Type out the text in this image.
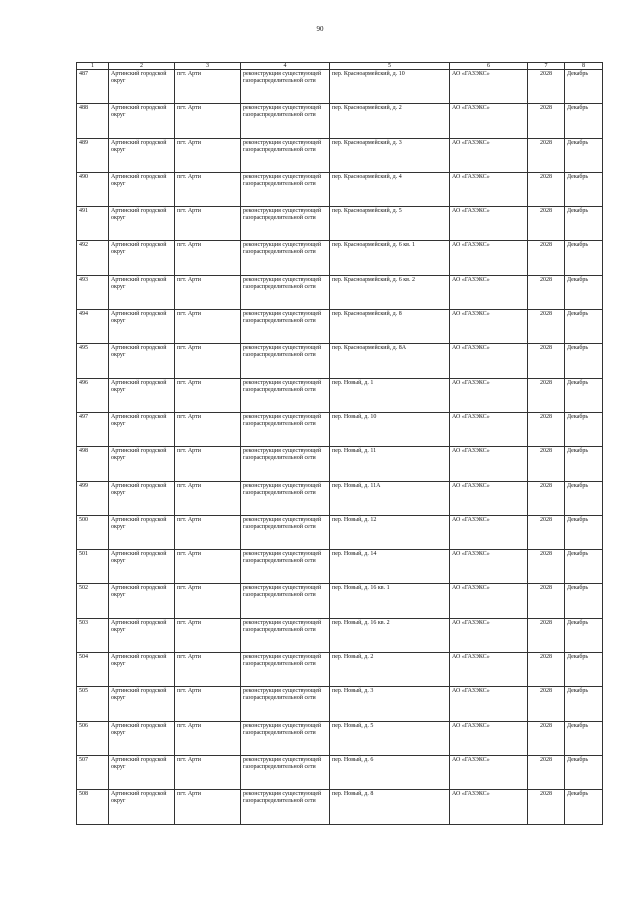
90
1	2	3	4	5	6	7	8
487	Артинский городской округ	пгт. Арти	реконструкция существующей газораспределительной сети	пер. Красноармейский, д. 10	АО «ГАЗЭКС»	2028	Декабрь
488	Артинский городской округ	пгт. Арти	реконструкция существующей газораспределительной сети	пер. Красноармейский, д. 2	АО «ГАЗЭКС»	2028	Декабрь
489	Артинский городской округ	пгт. Арти	реконструкция существующей газораспределительной сети	пер. Красноармейский, д. 3	АО «ГАЗЭКС»	2028	Декабрь
490	Артинский городской округ	пгт. Арти	реконструкция существующей газораспределительной сети	пер. Красноармейский, д. 4	АО «ГАЗЭКС»	2028	Декабрь
491	Артинский городской округ	пгт. Арти	реконструкция существующей газораспределительной сети	пер. Красноармейский, д. 5	АО «ГАЗЭКС»	2028	Декабрь
492	Артинский городской округ	пгт. Арти	реконструкция существующей газораспределительной сети	пер. Красноармейский, д. 6 кв. 1	АО «ГАЗЭКС»	2028	Декабрь
493	Артинский городской округ	пгт. Арти	реконструкция существующей газораспределительной сети	пер. Красноармейский, д. 6 кв. 2	АО «ГАЗЭКС»	2028	Декабрь
494	Артинский городской округ	пгт. Арти	реконструкция существующей газораспределительной сети	пер. Красноармейский, д. 8	АО «ГАЗЭКС»	2028	Декабрь
495	Артинский городской округ	пгт. Арти	реконструкция существующей газораспределительной сети	пер. Красноармейский, д. 8А	АО «ГАЗЭКС»	2028	Декабрь
496	Артинский городской округ	пгт. Арти	реконструкция существующей газораспределительной сети	пер. Новый, д. 1	АО «ГАЗЭКС»	2028	Декабрь
497	Артинский городской округ	пгт. Арти	реконструкция существующей газораспределительной сети	пер. Новый, д. 10	АО «ГАЗЭКС»	2028	Декабрь
498	Артинский городской округ	пгт. Арти	реконструкция существующей газораспределительной сети	пер. Новый, д. 11	АО «ГАЗЭКС»	2028	Декабрь
499	Артинский городской округ	пгт. Арти	реконструкция существующей газораспределительной сети	пер. Новый, д. 11А	АО «ГАЗЭКС»	2028	Декабрь
500	Артинский городской округ	пгт. Арти	реконструкция существующей газораспределительной сети	пер. Новый, д. 12	АО «ГАЗЭКС»	2028	Декабрь
501	Артинский городской округ	пгт. Арти	реконструкция существующей газораспределительной сети	пер. Новый, д. 14	АО «ГАЗЭКС»	2028	Декабрь
502	Артинский городской округ	пгт. Арти	реконструкция существующей газораспределительной сети	пер. Новый, д. 16 кв. 1	АО «ГАЗЭКС»	2028	Декабрь
503	Артинский городской округ	пгт. Арти	реконструкция существующей газораспределительной сети	пер. Новый, д. 16 кв. 2	АО «ГАЗЭКС»	2028	Декабрь
504	Артинский городской округ	пгт. Арти	реконструкция существующей газораспределительной сети	пер. Новый, д. 2	АО «ГАЗЭКС»	2028	Декабрь
505	Артинский городской округ	пгт. Арти	реконструкция существующей газораспределительной сети	пер. Новый, д. 3	АО «ГАЗЭКС»	2028	Декабрь
506	Артинский городской округ	пгт. Арти	реконструкция существующей газораспределительной сети	пер. Новый, д. 5	АО «ГАЗЭКС»	2028	Декабрь
507	Артинский городской округ	пгт. Арти	реконструкция существующей газораспределительной сети	пер. Новый, д. 6	АО «ГАЗЭКС»	2028	Декабрь
508	Артинский городской округ	пгт. Арти	реконструкция существующей газораспределительной сети	пер. Новый, д. 8	АО «ГАЗЭКС»	2028	Декабрь
